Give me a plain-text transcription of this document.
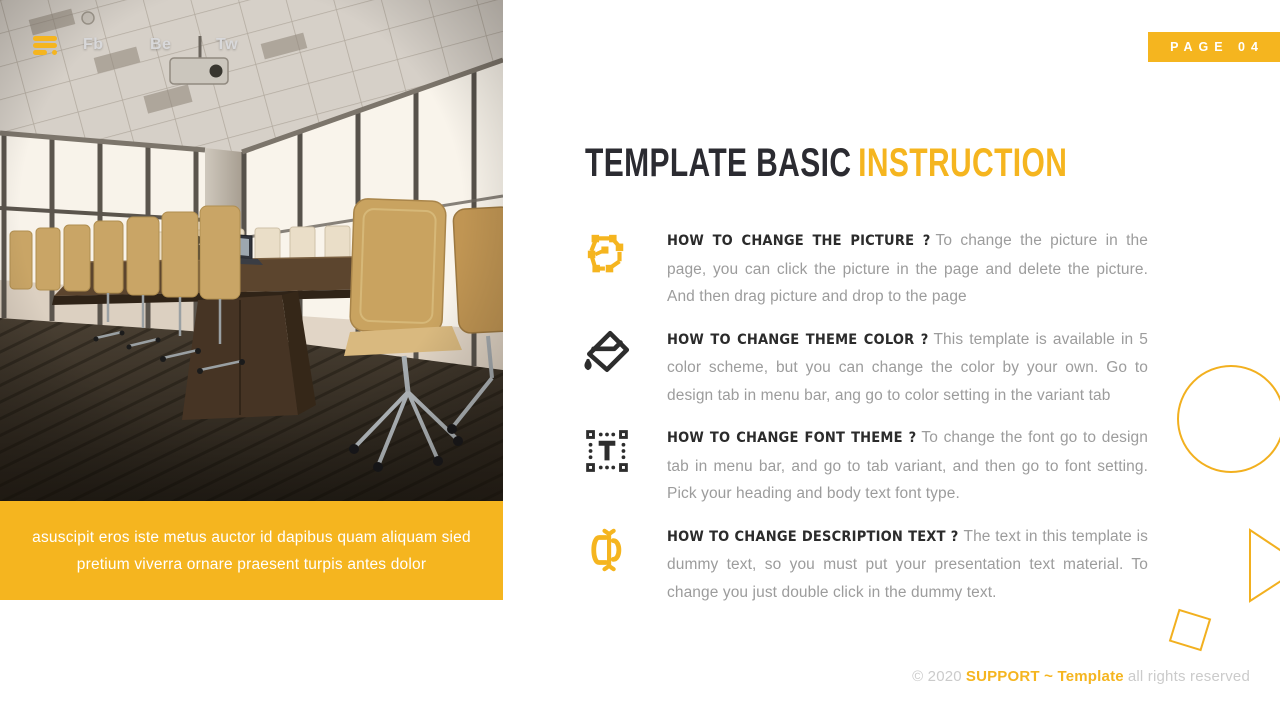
Fb	Be	Tw

asuscipit eros iste metus auctor id dapibus quam aliquam sied pretium viverra ornare praesent turpis antes dolor

PAGE 04
TEMPLATE BASIC INSTRUCTION

HOW TO CHANGE THE PICTURE ? To change the picture in the page, you can click the picture in the page and delete the picture. And then drag picture and drop to the page

HOW TO CHANGE THEME COLOR ? This template is available in 5 color scheme, but you can change the color by your own. Go to design tab in menu bar, ang go to color setting in the variant tab

HOW TO CHANGE FONT THEME ? To change the font go to design tab in menu bar, and go to tab variant, and then go to font setting. Pick your heading and body text font type.

HOW TO CHANGE DESCRIPTION TEXT ? The text in this template is dummy text, so you must put your presentation text material. To change you just double click in the dummy text.

© 2020 SUPPORT ~ Template all rights reserved
